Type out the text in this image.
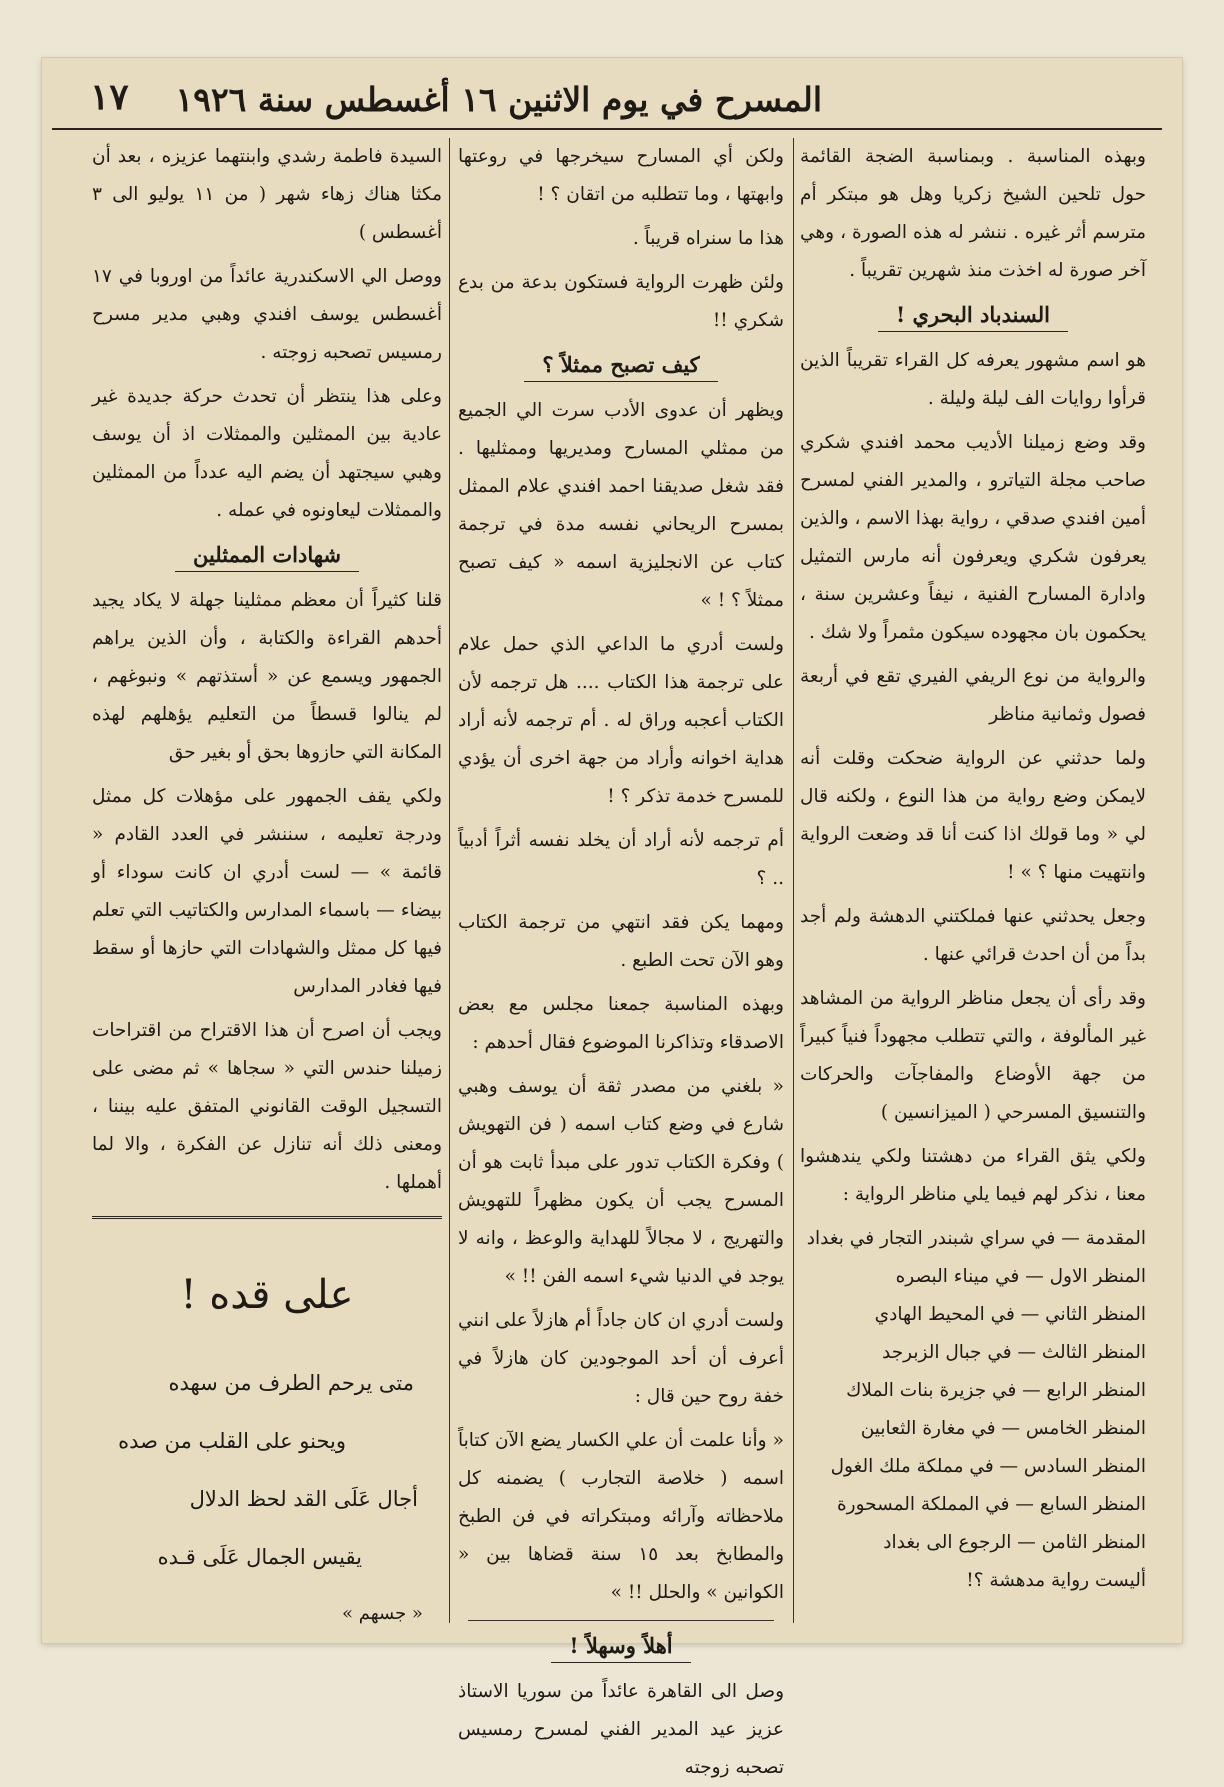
المسرح في يوم الاثنين ١٦ أغسطس سنة ١٩٢٦
١٧

وبهذه المناسبة . وبمناسبة الضجة القائمة حول تلحين الشيخ زكريا وهل هو مبتكر أم مترسم أثر غيره . ننشر له هذه الصورة ، وهي آخر صورة له اخذت منذ شهرين تقريباً .

السندباد البحري !

هو اسم مشهور يعرفه كل القراء تقريباً الذين قرأوا روايات الف ليلة وليلة .

وقد وضع زميلنا الأديب محمد افندي شكري صاحب مجلة التياترو ، والمدير الفني لمسرح أمين افندي صدقي ، رواية بهذا الاسم ، والذين يعرفون شكري ويعرفون أنه مارس التمثيل وادارة المسارح الفنية ، نيفاً وعشرين سنة ، يحكمون بان مجهوده سيكون مثمراً ولا شك .

والرواية من نوع الريفي الفيري تقع في أربعة فصول وثمانية مناظر

ولما حدثني عن الرواية ضحكت وقلت أنه لايمكن وضع رواية من هذا النوع ، ولكنه قال لي « وما قولك اذا كنت أنا قد وضعت الرواية وانتهيت منها ؟ » !

وجعل يحدثني عنها فملكتني الدهشة ولم أجد بداً من أن احدث قرائي عنها .

وقد رأى أن يجعل مناظر الرواية من المشاهد غير المألوفة ، والتي تتطلب مجهوداً فنياً كبيراً من جهة الأوضاع والمفاجآت والحركات والتنسيق المسرحي ( الميزانسين )

ولكي يثق القراء من دهشتنا ولكي يندهشوا معنا ، نذكر لهم فيما يلي مناظر الرواية :

المقدمة — في سراي شبندر التجار في بغداد
المنظر الاول — في ميناء البصره
المنظر الثاني — في المحيط الهادي
المنظر الثالث — في جبال الزبرجد
المنظر الرابع — في جزيرة بنات الملاك
المنظر الخامس — في مغارة الثعابين
المنظر السادس — في مملكة ملك الغول
المنظر السابع — في المملكة المسحورة
المنظر الثامن — الرجوع الى بغداد

أليست رواية مدهشة ؟!

ولكن أي المسارح سيخرجها في روعتها وابهتها ، وما تتطلبه من اتقان ؟ !

هذا ما سنراه قريباً .

ولئن ظهرت الرواية فستكون بدعة من بدع شكري !!

كيف تصبح ممثلاً ؟

ويظهر أن عدوى الأدب سرت الي الجميع من ممثلي المسارح ومديريها وممثليها . فقد شغل صديقنا احمد افندي علام الممثل بمسرح الريحاني نفسه مدة في ترجمة كتاب عن الانجليزية اسمه « كيف تصبح ممثلاً ؟ ! »

ولست أدري ما الداعي الذي حمل علام على ترجمة هذا الكتاب .... هل ترجمه لأن الكتاب أعجبه وراق له . أم ترجمه لأنه أراد هداية اخوانه وأراد من جهة اخرى أن يؤدي للمسرح خدمة تذكر ؟ !

أم ترجمه لأنه أراد أن يخلد نفسه أثراً أدبياً .. ؟

ومهما يكن فقد انتهي من ترجمة الكتاب وهو الآن تحت الطبع .

وبهذه المناسبة جمعنا مجلس مع بعض الاصدقاء وتذاكرنا الموضوع فقال أحدهم :

« بلغني من مصدر ثقة أن يوسف وهبي شارع في وضع كتاب اسمه ( فن التهويش ) وفكرة الكتاب تدور على مبدأ ثابت هو أن المسرح يجب أن يكون مظهراً للتهويش والتهريج ، لا مجالاً للهداية والوعظ ، وانه لا يوجد في الدنيا شيء اسمه الفن !! »

ولست أدري ان كان جاداً أم هازلاً على انني أعرف أن أحد الموجودين كان هازلاً في خفة روح حين قال :

« وأنا علمت أن علي الكسار يضع الآن كتاباً اسمه ( خلاصة التجارب ) يضمنه كل ملاحظاته وآرائه ومبتكراته في فن الطبخ والمطابخ بعد ١٥ سنة قضاها بين « الكوانين » والحلل !! »

أهلاً وسهلاً !

وصل الى القاهرة عائداً من سوريا الاستاذ عزيز عيد المدير الفني لمسرح رمسيس تصحبه زوجته

السيدة فاطمة رشدي وابنتهما عزيزه ، بعد أن مكثا هناك زهاء شهر ( من ١١ يوليو الى ٣ أغسطس )

ووصل الي الاسكندرية عائداً من اوروبا في ١٧ أغسطس يوسف افندي وهبي مدير مسرح رمسيس تصحبه زوجته .

وعلى هذا ينتظر أن تحدث حركة جديدة غير عادية بين الممثلين والممثلات اذ أن يوسف وهبي سيجتهد أن يضم اليه عدداً من الممثلين والممثلات ليعاونوه في عمله .

شهادات الممثلين

قلنا كثيراً أن معظم ممثلينا جهلة لا يكاد يجيد أحدهم القراءة والكتابة ، وأن الذين يراهم الجمهور ويسمع عن « أستذتهم » ونبوغهم ، لم ينالوا قسطاً من التعليم يؤهلهم لهذه المكانة التي حازوها بحق أو بغير حق

ولكي يقف الجمهور على مؤهلات كل ممثل ودرجة تعليمه ، سننشر في العدد القادم « قائمة » — لست أدري ان كانت سوداء أو بيضاء — باسماء المدارس والكتاتيب التي تعلم فيها كل ممثل والشهادات التي حازها أو سقط فيها فغادر المدارس

ويجب أن اصرح أن هذا الاقتراح من اقتراحات زميلنا حندس التي « سجاها » ثم مضى على التسجيل الوقت القانوني المتفق عليه بيننا ، ومعنى ذلك أنه تنازل عن الفكرة ، والا لما أهملها .

على قده !
متى يرحم الطرف من سهده
ويحنو على القلب من صده
أجال عَلَى القد لحظ الدلال
يقيس الجمال عَلَى قـده
« جسهم »
